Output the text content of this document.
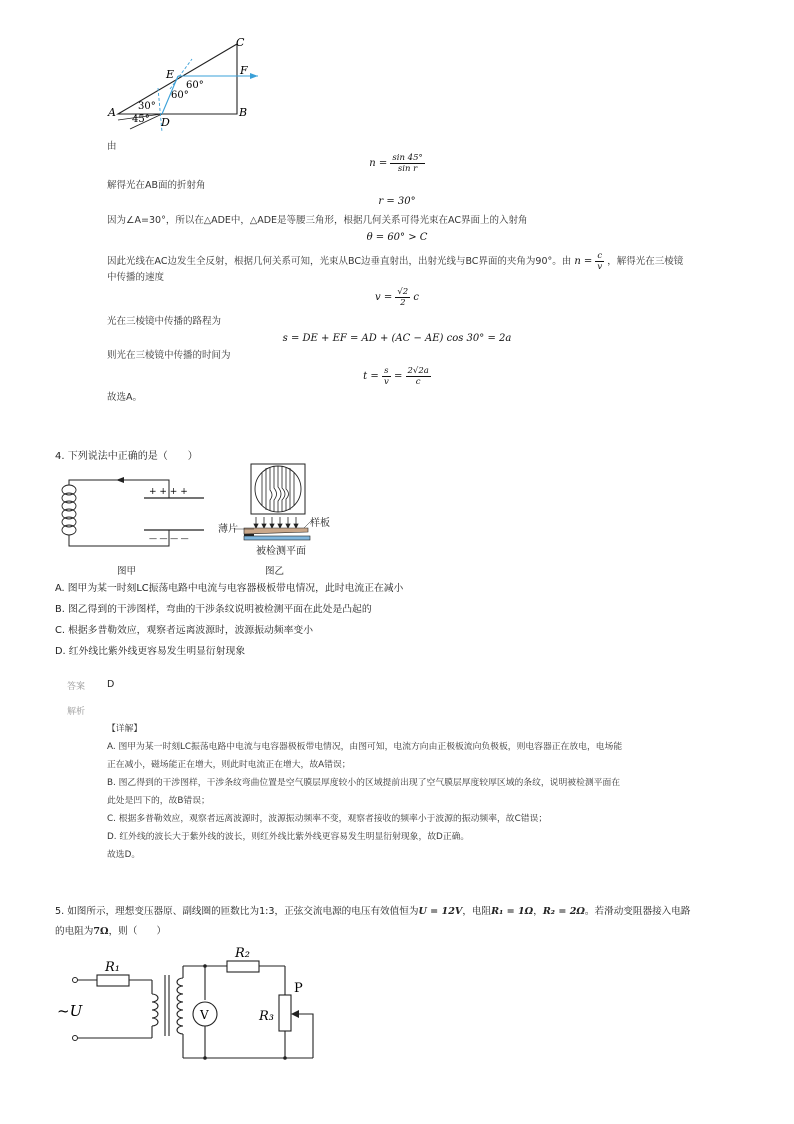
A	B
C
D
E	F
30°
45°
60°
60°
由
$n = \frac{\sin 45^\circ}{\text{sin r}}$
解得光在AB面的折射角
r = 30°
因为∠A=30°，所以在△ADE中，△ADE是等腰三角形，根据几何关系可得光束在AC界面上的入射角
θ = 60° > C
因此光线在AC边发生全反射，根据几何关系可知，光束从BC边垂直射出，出射光线与BC界面的夹角为90°。由 $n = \frac{c}{v}$ ，解得光在三棱镜
中传播的速度
$v = \frac{√2}{2}$ c
光在三棱镜中传播的路程为
s = DE + EF = AD + (AC − AE) cos 30° = 2a
则光在三棱镜中传播的时间为
$t = \frac{s}{v} = \frac{2√2a}{c}$
故选A。
4. 下列说法中正确的是（　　）
+ + + +
— — — —
图甲
薄片
样板
被检测平面
图乙
A. 图甲为某一时刻LC振荡电路中电流与电容器极板带电情况，此时电流正在减小
B. 图乙得到的干涉图样，弯曲的干涉条纹说明被检测平面在此处是凸起的
C. 根据多普勒效应，观察者远离波源时，波源振动频率变小
D. 红外线比紫外线更容易发生明显衍射现象
答案 D
解析
【详解】
A. 图甲为某一时刻LC振荡电路中电流与电容器极板带电情况，由图可知，电流方向由正极板流向负极板，则电容器正在放电，电场能
正在减小，磁场能正在增大，则此时电流正在增大，故A错误；
B. 图乙得到的干涉图样，干涉条纹弯曲位置是空气膜层厚度较小的区域提前出现了空气膜层厚度较厚区域的条纹，说明被检测平面在
此处是凹下的，故B错误；
C. 根据多普勒效应，观察者远离波源时，波源振动频率不变，观察者接收的频率小于波源的振动频率，故C错误；
D. 红外线的波长大于紫外线的波长，则红外线比紫外线更容易发生明显衍射现象，故D正确。
故选D。
5. 如图所示，理想变压器原、副线圈的匝数比为1:3，正弦交流电源的电压有效值恒为U = 12V，电阻R₁ = 1Ω，R₂ = 2Ω。若滑动变阻器接入电路
的电阻为7Ω，则（　　）
R₁
R₂
R₃
P
V
~U
